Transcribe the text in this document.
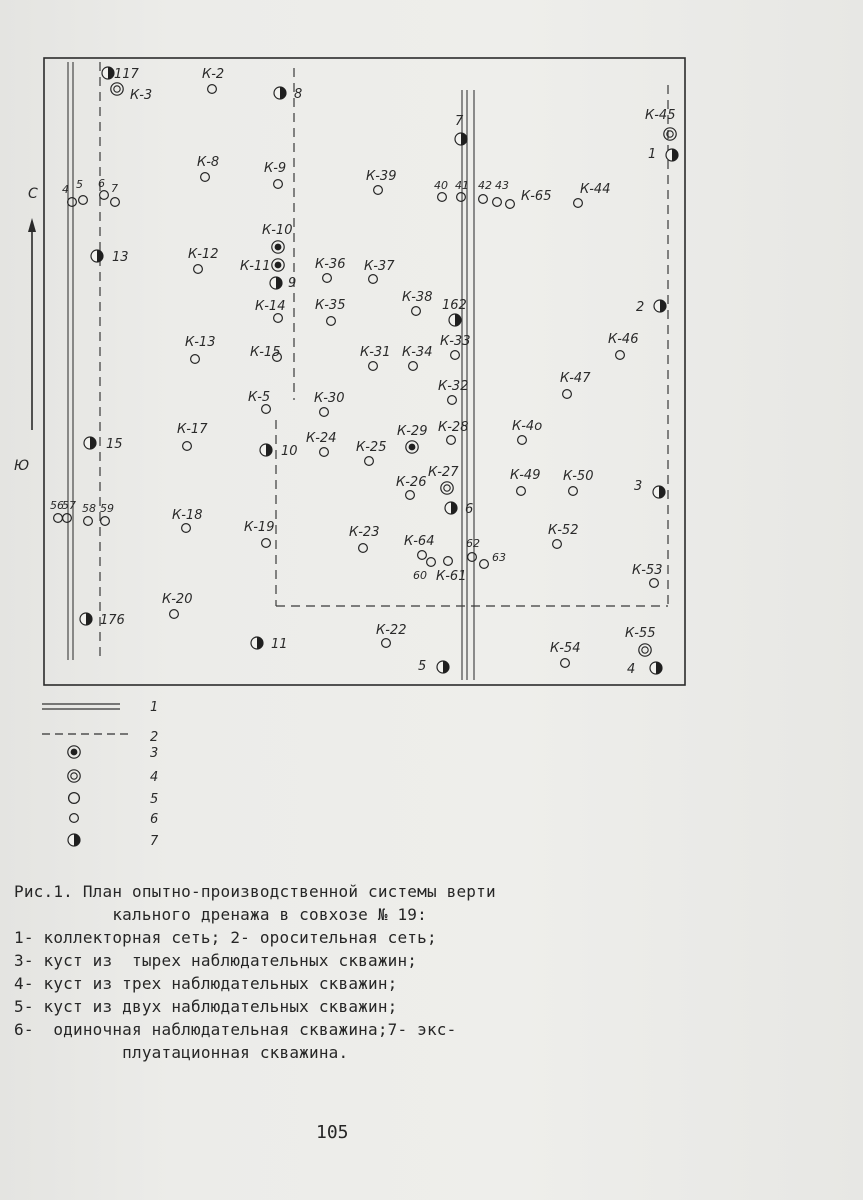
С
Ю
117	К-2
К-3	8
7	К-45
1
К-8	К-9
К-39
40 41 42 43
К-65 К-44
4 5 6 7
К-10
К-11
9
13	К-12
К-36 К-37
К-14 К-35
К-38
162	2
К-13
К-15	К-31 К-34
К-33	К-46
К-47
К-32
К-5	К-30
К-17
15	10
К-24
К-25
К-29 К-28	К-4о
К-27
К-26
6
К-49 К-50
3
56
57 58 59	К-18
К-19	К-23
К-64
60 К-61
62
63
К-52
К-53
К-20
176
К-22
11
5
К-54
К-55
4
1
2
3
4
5
6
7
Рис.1. План опытно-производственной системы верти
кального дренажа в совхозе № 19:
1- коллекторная сеть; 2- оросительная сеть;
3- куст из  тырех наблюдательных скважин;
4- куст из трех наблюдательных скважин;
5- куст из двух наблюдательных скважин;
6-  одиночная наблюдательная скважина;7- экс-
плуатационная скважина.
105
